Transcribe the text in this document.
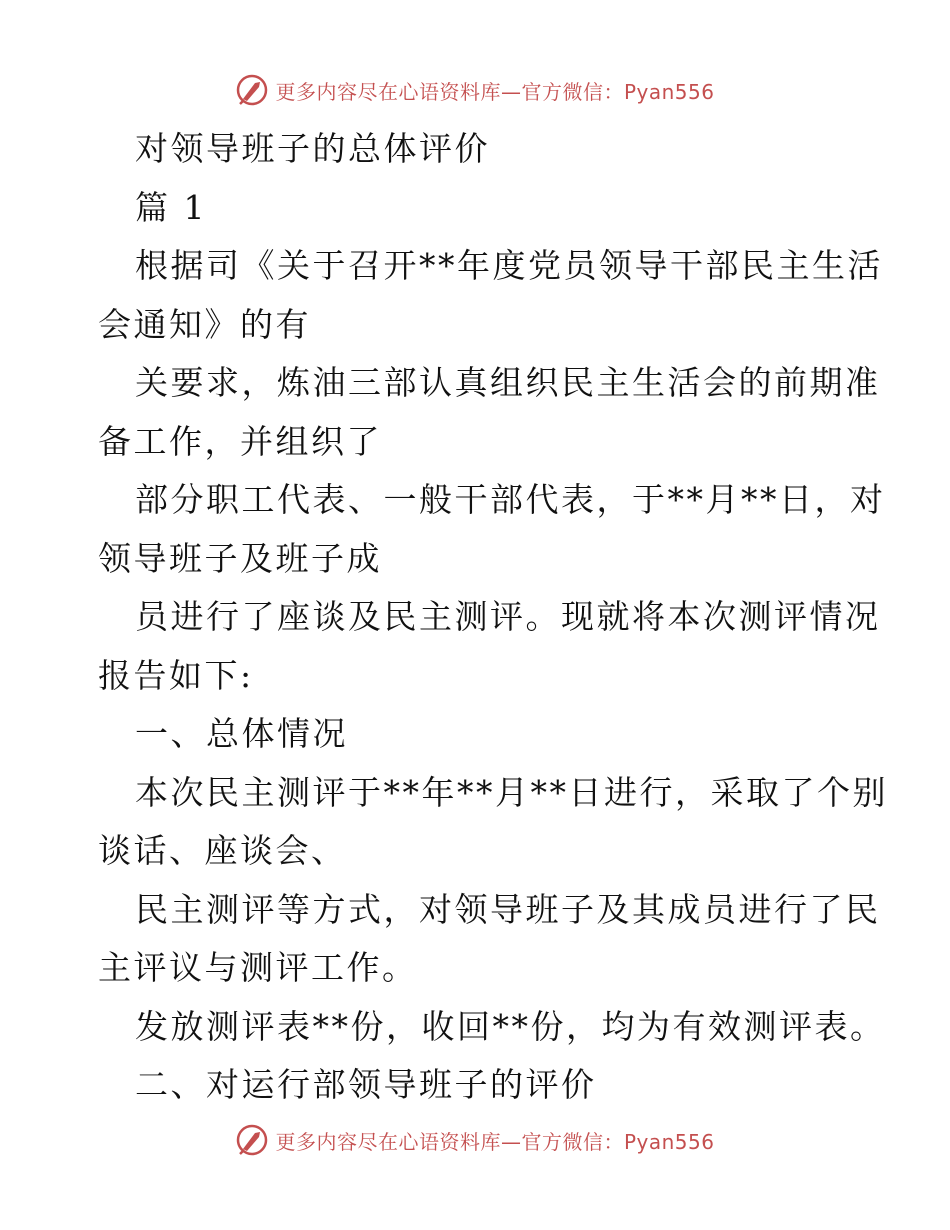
更多内容尽在心语资料库—官方微信：Pyan556
对领导班子的总体评价
篇 1
根据司《关于召开**年度党员领导干部民主生活
会通知》的有
关要求，炼油三部认真组织民主生活会的前期准
备工作，并组织了
部分职工代表、一般干部代表，于**月**日，对
领导班子及班子成
员进行了座谈及民主测评。现就将本次测评情况
报告如下:
一、总体情况
本次民主测评于**年**月**日进行，采取了个别
谈话、座谈会、
民主测评等方式，对领导班子及其成员进行了民
主评议与测评工作。
发放测评表**份，收回**份，均为有效测评表。
二、对运行部领导班子的评价
更多内容尽在心语资料库—官方微信：Pyan556
